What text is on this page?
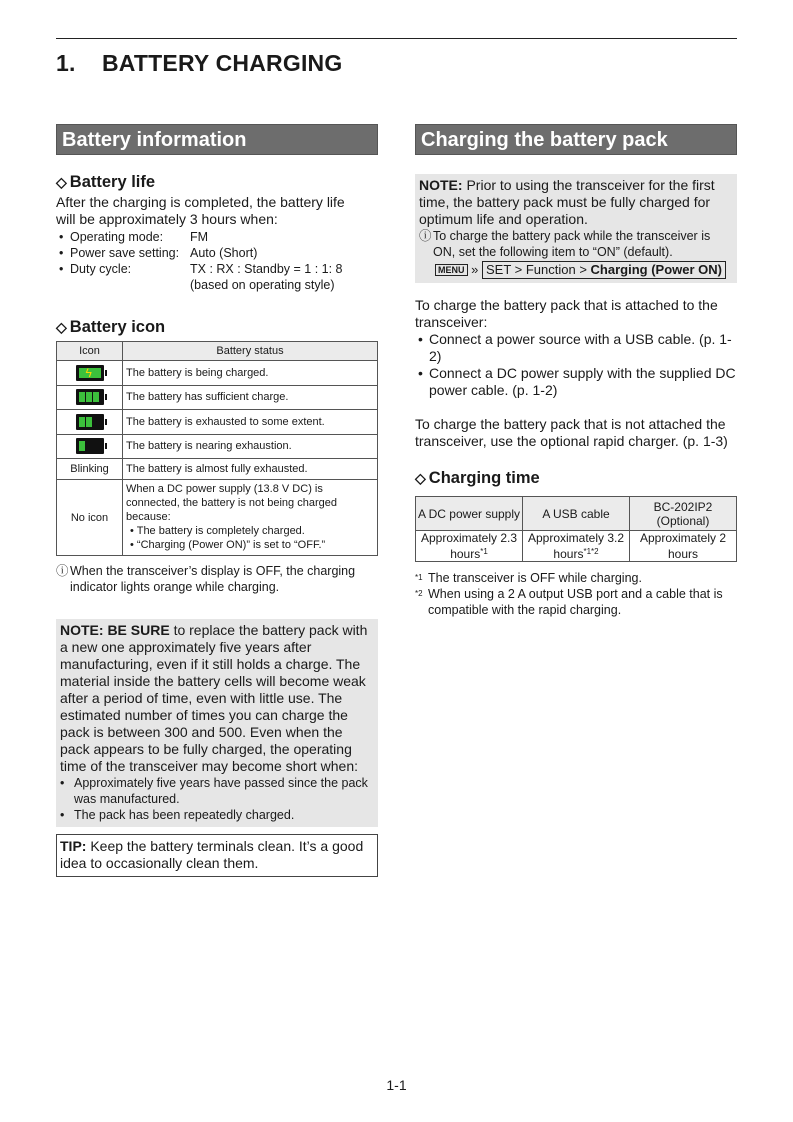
1. BATTERY CHARGING
Battery information
◇ Battery life
After the charging is completed, the battery life will be approximately 3 hours when:
• Operating mode:	FM
• Power save setting: Auto (Short)
• Duty cycle:	TX : RX : Standby = 1 : 1: 8
(based on operating style)
◇ Battery icon
Icon	Battery status

ϟ	The battery is being charged.

	The battery has sufficient charge.

	The battery is exhausted to some extent.

	The battery is nearing exhaustion.
Blinking	The battery is almost fully exhausted.
No icon	When a DC power supply (13.8 V DC) is connected, the battery is not being charged because:
• The battery is completely charged.
• “Charging (Power ON)” is set to “OFF.”
ⓘ When the transceiver’s display is OFF, the charging indicator lights orange while charging.
NOTE: BE SURE to replace the battery pack with a new one approximately five years after manufacturing, even if it still holds a charge. The material inside the battery cells will become weak after a period of time, even with little use. The estimated number of times you can charge the pack is between 300 and 500. Even when the pack appears to be fully charged, the operating time of the transceiver may become short when:
• Approximately five years have passed since the pack was manufactured.
• The pack has been repeatedly charged.
TIP: Keep the battery terminals clean. It’s a good idea to occasionally clean them.
Charging the battery pack
NOTE: Prior to using the transceiver for the first time, the battery pack must be fully charged for optimum life and operation.
ⓘ To charge the battery pack while the transceiver is ON, set the following item to “ON” (default).
MENU » SET > Function > Charging (Power ON)
To charge the battery pack that is attached to the transceiver:
• Connect a power source with a USB cable. (p. 1-2)
• Connect a DC power supply with the supplied DC power cable. (p. 1-2)
To charge the battery pack that is not attached the transceiver, use the optional rapid charger. (p. 1-3)
◇ Charging time
A DC power supply	A USB cable	BC-202IP2 (Optional)
Approximately 2.3 hours$^{*1}$	Approximately 3.2 hours$^{*1*2}$	Approximately 2 hours
*1 The transceiver is OFF while charging.
*2 When using a 2 A output USB port and a cable that is compatible with the rapid charging.
1-1
